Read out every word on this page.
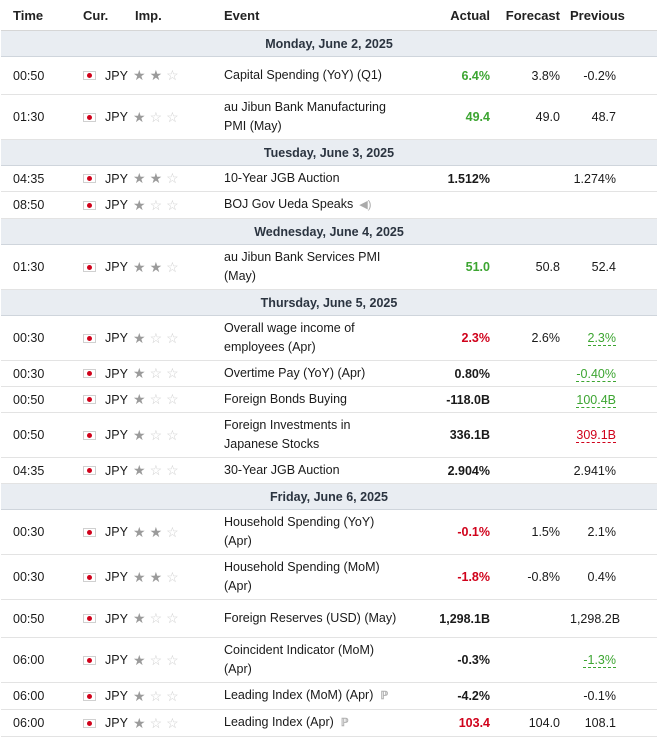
Time	Cur.	Imp.	Event	Actual	Forecast	Previous
Monday, June 2, 2025						
00:50	JPY	★★☆	Capital Spending (YoY) (Q1)	6.4%	3.8%	-0.2%
01:30	JPY	★☆☆	au Jibun Bank Manufacturing PMI (May)	49.4	49.0	48.7
Tuesday, June 3, 2025						
04:35	JPY	★★☆	10-Year JGB Auction	1.512%		1.274%
08:50	JPY	★☆☆	BOJ Gov Ueda Speaks ◀)			
Wednesday, June 4, 2025						
01:30	JPY	★★☆	au Jibun Bank Services PMI (May)	51.0	50.8	52.4
Thursday, June 5, 2025						
00:30	JPY	★☆☆	Overall wage income of employees (Apr)	2.3%	2.6%	2.3%
00:30	JPY	★☆☆	Overtime Pay (YoY) (Apr)	0.80%		-0.40%
00:50	JPY	★☆☆	Foreign Bonds Buying	-118.0B		100.4B
00:50	JPY	★☆☆	Foreign Investments in Japanese Stocks	336.1B		309.1B
04:35	JPY	★☆☆	30-Year JGB Auction	2.904%		2.941%
Friday, June 6, 2025						
00:30	JPY	★★☆	Household Spending (YoY) (Apr)	-0.1%	1.5%	2.1%
00:30	JPY	★★☆	Household Spending (MoM) (Apr)	-1.8%	-0.8%	0.4%
00:50	JPY	★☆☆	Foreign Reserves (USD) (May)	1,298.1B		1,298.2B
06:00	JPY	★☆☆	Coincident Indicator (MoM) (Apr)	-0.3%		-1.3%
06:00	JPY	★☆☆	Leading Index (MoM) (Apr) ℙ	-4.2%		-0.1%
06:00	JPY	★☆☆	Leading Index (Apr) ℙ	103.4	104.0	108.1
